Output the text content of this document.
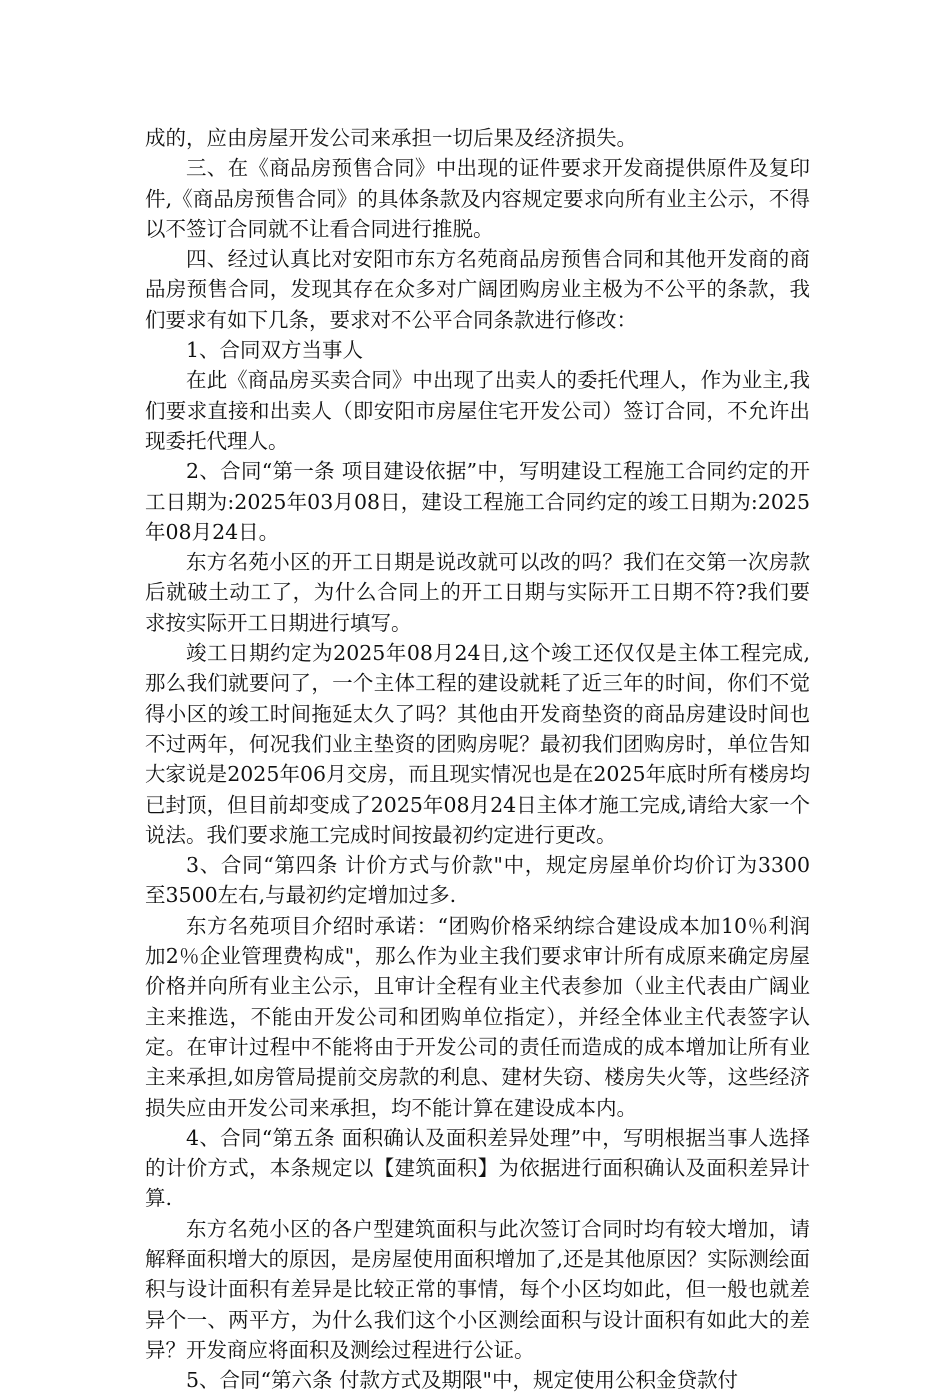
成的，应由房屋开发公司来承担一切后果及经济损失。

三、在《商品房预售合同》中出现的证件要求开发商提供原件及复印件,《商品房预售合同》的具体条款及内容规定要求向所有业主公示，不得以不签订合同就不让看合同进行推脱。

四、经过认真比对安阳市东方名苑商品房预售合同和其他开发商的商品房预售合同，发现其存在众多对广阔团购房业主极为不公平的条款，我们要求有如下几条，要求对不公平合同条款进行修改：

1、合同双方当事人

在此《商品房买卖合同》中出现了出卖人的委托代理人，作为业主,我们要求直接和出卖人（即安阳市房屋住宅开发公司）签订合同，不允许出现委托代理人。

2、合同“第一条 项目建设依据”中，写明建设工程施工合同约定的开工日期为:2025年03月08日，建设工程施工合同约定的竣工日期为:2025年08月24日。

东方名苑小区的开工日期是说改就可以改的吗？我们在交第一次房款后就破土动工了，为什么合同上的开工日期与实际开工日期不符?我们要求按实际开工日期进行填写。

竣工日期约定为2025年08月24日,这个竣工还仅仅是主体工程完成,那么我们就要问了，一个主体工程的建设就耗了近三年的时间，你们不觉得小区的竣工时间拖延太久了吗？其他由开发商垫资的商品房建设时间也不过两年，何况我们业主垫资的团购房呢？最初我们团购房时，单位告知大家说是2025年06月交房，而且现实情况也是在2025年底时所有楼房均已封顶，但目前却变成了2025年08月24日主体才施工完成,请给大家一个说法。我们要求施工完成时间按最初约定进行更改。

3、合同“第四条 计价方式与价款"中，规定房屋单价均价订为3300至3500左右,与最初约定增加过多.

东方名苑项目介绍时承诺：“团购价格采纳综合建设成本加10％利润加2％企业管理费构成"，那么作为业主我们要求审计所有成原来确定房屋价格并向所有业主公示，且审计全程有业主代表参加（业主代表由广阔业主来推选，不能由开发公司和团购单位指定），并经全体业主代表签字认定。在审计过程中不能将由于开发公司的责任而造成的成本增加让所有业主来承担,如房管局提前交房款的利息、建材失窃、楼房失火等，这些经济损失应由开发公司来承担，均不能计算在建设成本内。

4、合同“第五条 面积确认及面积差异处理”中，写明根据当事人选择的计价方式，本条规定以【建筑面积】为依据进行面积确认及面积差异计算.

东方名苑小区的各户型建筑面积与此次签订合同时均有较大增加，请解释面积增大的原因，是房屋使用面积增加了,还是其他原因？实际测绘面积与设计面积有差异是比较正常的事情，每个小区均如此，但一般也就差异个一、两平方，为什么我们这个小区测绘面积与设计面积有如此大的差异？开发商应将面积及测绘过程进行公证。

5、合同“第六条 付款方式及期限"中，规定使用公积金贷款付
